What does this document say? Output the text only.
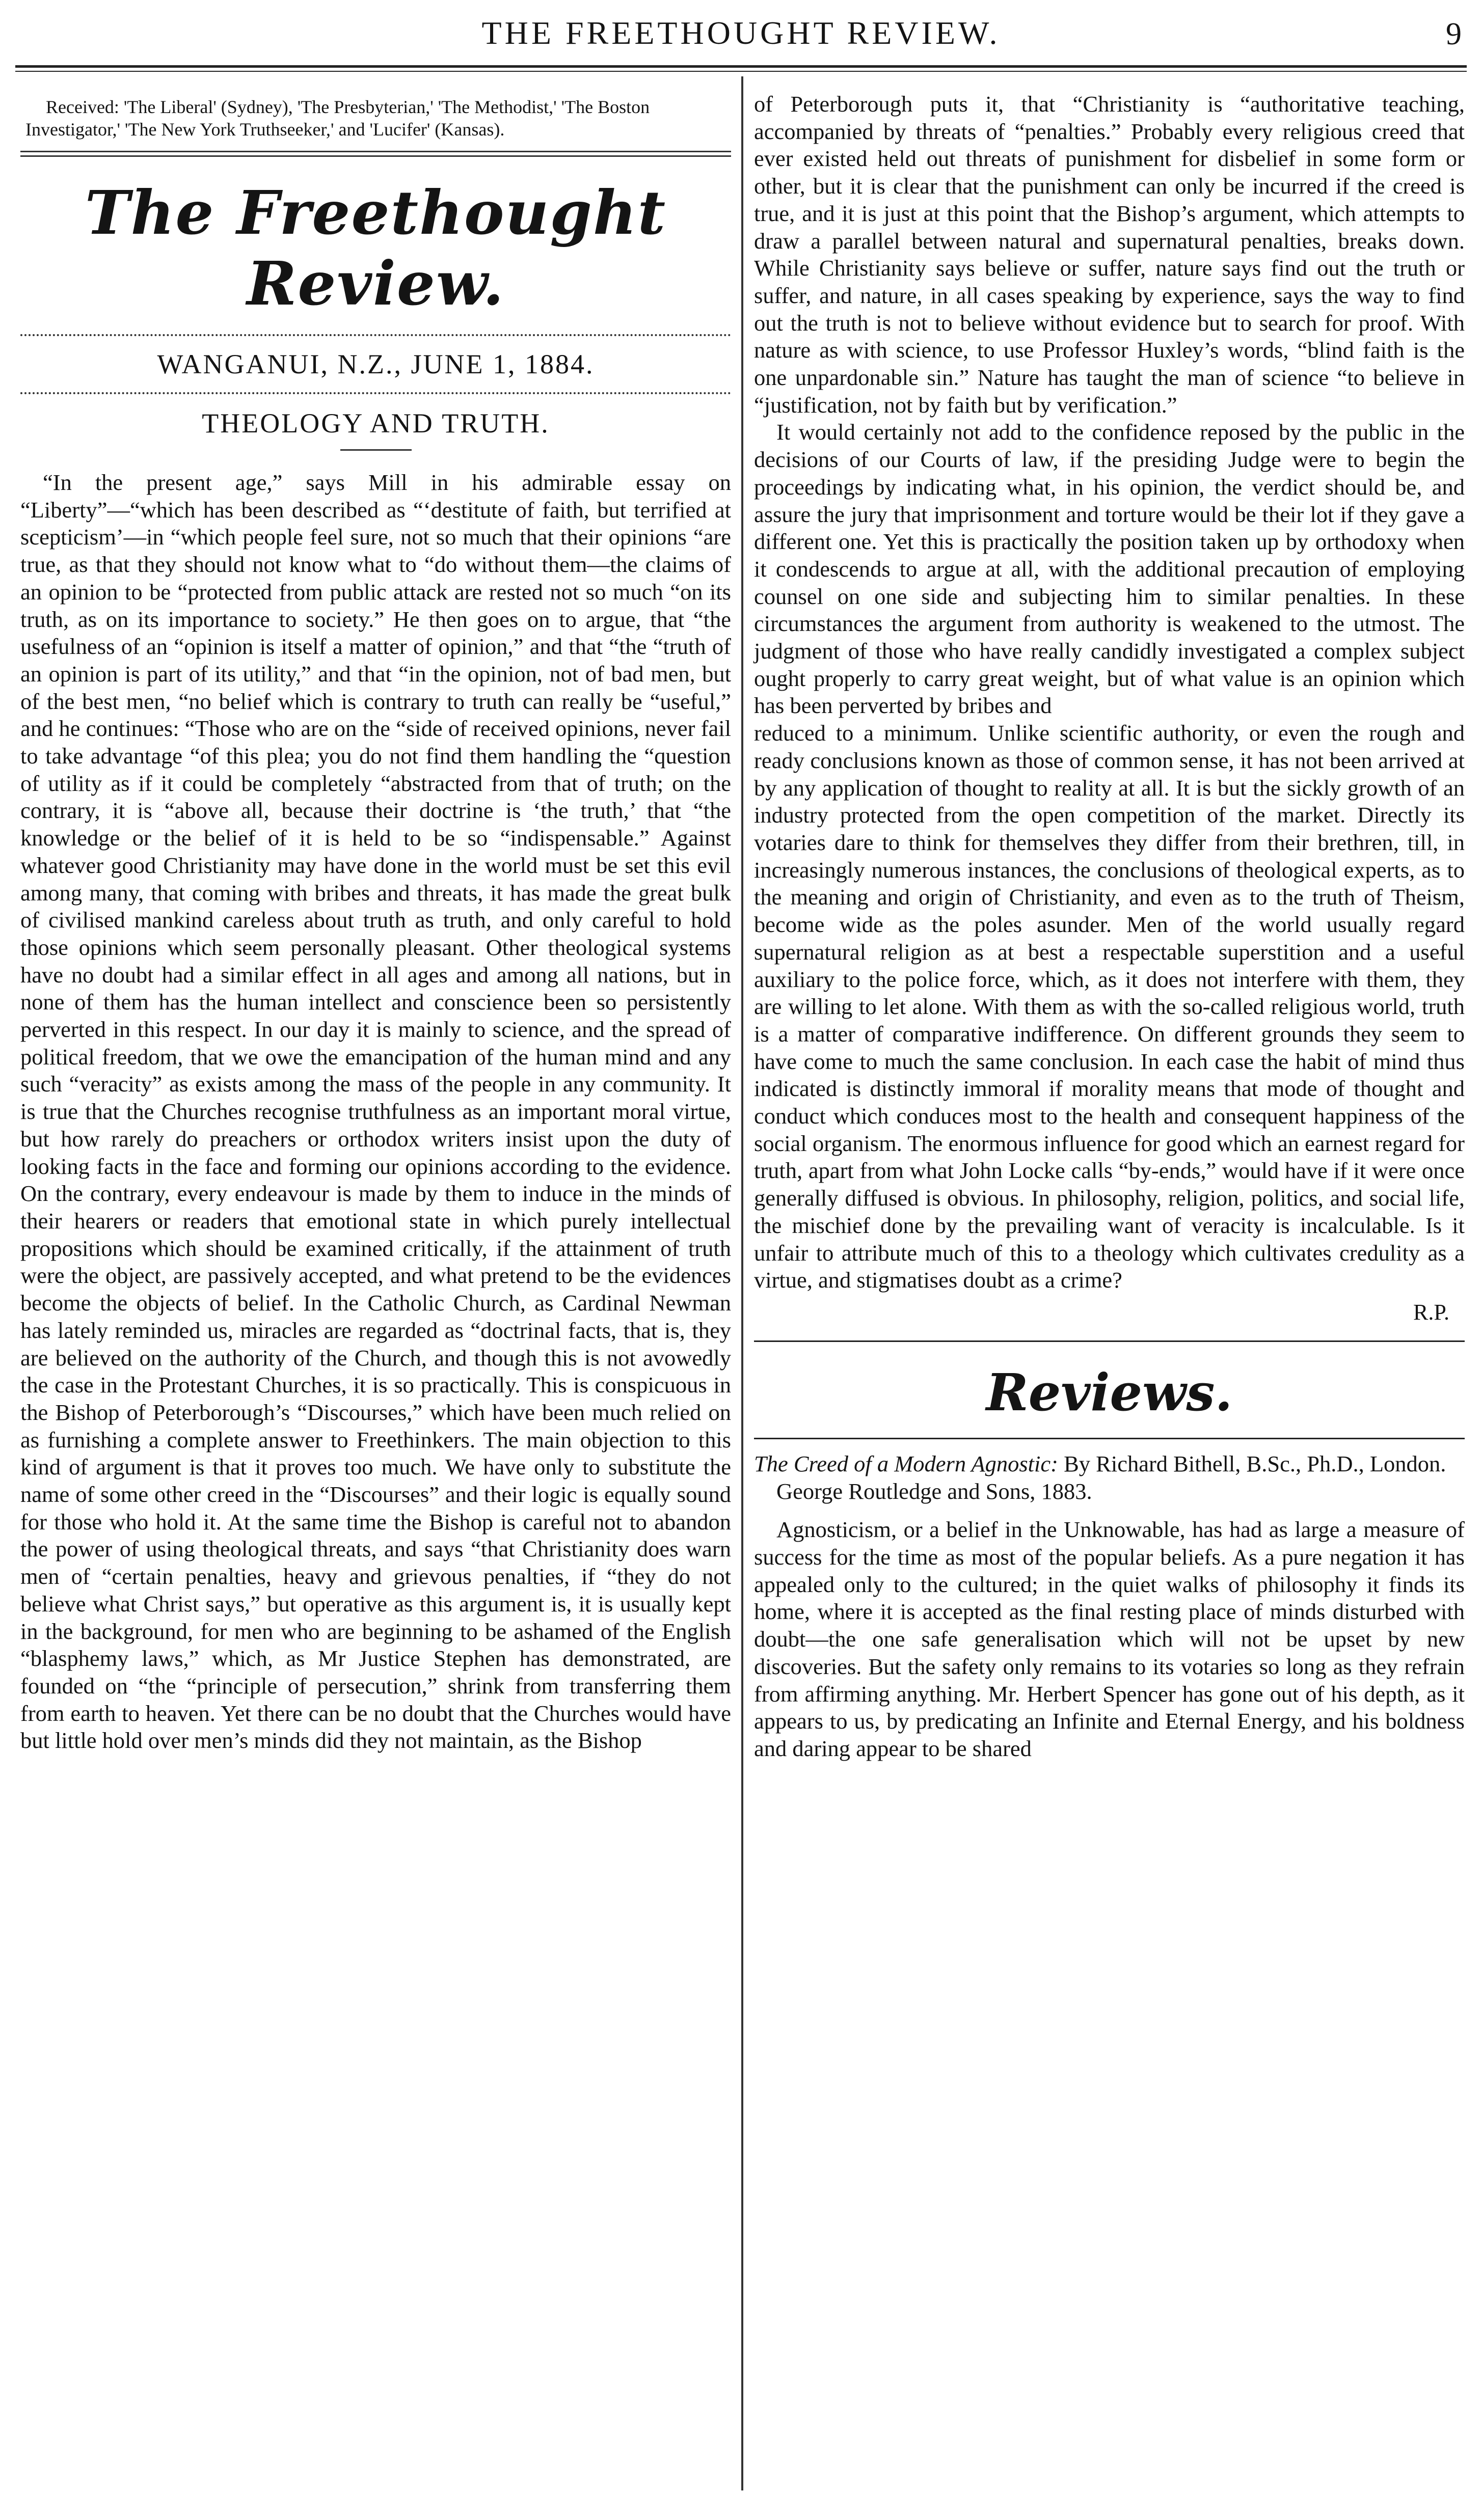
THE FREETHOUGHT REVIEW.	9
Received: 'The Liberal' (Sydney), 'The Presbyterian,' 'The Methodist,' 'The Boston Investigator,' 'The New York Truthseeker,' and 'Lucifer' (Kansas).
The Freethought Review.
WANGANUI, N.Z., JUNE 1, 1884.
THEOLOGY AND TRUTH.

“In the present age,” says Mill in his admirable essay on “Liberty”—“which has been described as “‘destitute of faith, but terrified at scepticism’—in “which people feel sure, not so much that their opinions “are true, as that they should not know what to “do without them—the claims of an opinion to be “protected from public attack are rested not so much “on its truth, as on its importance to society.” He then goes on to argue, that “the usefulness of an “opinion is itself a matter of opinion,” and that “the “truth of an opinion is part of its utility,” and that “in the opinion, not of bad men, but of the best men, “no belief which is contrary to truth can really be “useful,” and he continues: “Those who are on the “side of received opinions, never fail to take advantage “of this plea; you do not find them handling the “question of utility as if it could be completely “abstracted from that of truth; on the contrary, it is “above all, because their doctrine is ‘the truth,’ that “the knowledge or the belief of it is held to be so “indispensable.” Against whatever good Christianity may have done in the world must be set this evil among many, that coming with bribes and threats, it has made the great bulk of civilised mankind careless about truth as truth, and only careful to hold those opinions which seem personally pleasant. Other theological systems have no doubt had a similar effect in all ages and among all nations, but in none of them has the human intellect and conscience been so persistently perverted in this respect. In our day it is mainly to science, and the spread of political freedom, that we owe the emancipation of the human mind and any such “veracity” as exists among the mass of the people in any community. It is true that the Churches recognise truthfulness as an important moral virtue, but how rarely do preachers or orthodox writers insist upon the duty of looking facts in the face and forming our opinions according to the evidence. On the contrary, every endeavour is made by them to induce in the minds of their hearers or readers that emotional state in which purely intellectual propositions which should be examined critically, if the attainment of truth were the object, are passively accepted, and what pretend to be the evidences become the objects of belief. In the Catholic Church, as Cardinal Newman has lately reminded us, miracles are regarded as “doctrinal facts, that is, they are believed on the authority of the Church, and though this is not avowedly the case in the Protestant Churches, it is so practically. This is conspicuous in the Bishop of Peterborough’s “Discourses,” which have been much relied on as furnishing a complete answer to Freethinkers. The main objection to this kind of argument is that it proves too much. We have only to substitute the name of some other creed in the “Discourses” and their logic is equally sound for those who hold it. At the same time the Bishop is careful not to abandon the power of using theological threats, and says “that Christianity does warn men of “certain penalties, heavy and grievous penalties, if “they do not believe what Christ says,” but operative as this argument is, it is usually kept in the background, for men who are beginning to be ashamed of the English “blasphemy laws,” which, as Mr Justice Stephen has demonstrated, are founded on “the “principle of persecution,” shrink from transferring them from earth to heaven. Yet there can be no doubt that the Churches would have but little hold over men’s minds did they not maintain, as the Bishop

of Peterborough puts it, that “Christianity is “authoritative teaching, accompanied by threats of “penalties.” Probably every religious creed that ever existed held out threats of punishment for disbelief in some form or other, but it is clear that the punishment can only be incurred if the creed is true, and it is just at this point that the Bishop’s argument, which attempts to draw a parallel between natural and supernatural penalties, breaks down. While Christianity says believe or suffer, nature says find out the truth or suffer, and nature, in all cases speaking by experience, says the way to find out the truth is not to believe without evidence but to search for proof. With nature as with science, to use Professor Huxley’s words, “blind faith is the one unpardonable sin.” Nature has taught the man of science “to believe in “justification, not by faith but by verification.”

It would certainly not add to the confidence reposed by the public in the decisions of our Courts of law, if the presiding Judge were to begin the proceedings by indicating what, in his opinion, the verdict should be, and assure the jury that imprisonment and torture would be their lot if they gave a different one. Yet this is practically the position taken up by orthodoxy when it condescends to argue at all, with the additional precaution of employing counsel on one side and subjecting him to similar penalties. In these circumstances the argument from authority is weakened to the utmost. The judgment of those who have really candidly investigated a complex subject ought properly to carry great weight, but of what value is an opinion which has been perverted by bribes and

reduced to a minimum. Unlike scientific authority, or even the rough and ready conclusions known as those of common sense, it has not been arrived at by any application of thought to reality at all. It is but the sickly growth of an industry protected from the open competition of the market. Directly its votaries dare to think for themselves they differ from their brethren, till, in increasingly numerous instances, the conclusions of theological experts, as to the meaning and origin of Christianity, and even as to the truth of Theism, become wide as the poles asunder. Men of the world usually regard supernatural religion as at best a respectable superstition and a useful auxiliary to the police force, which, as it does not interfere with them, they are willing to let alone. With them as with the so-called religious world, truth is a matter of comparative indifference. On different grounds they seem to have come to much the same conclusion. In each case the habit of mind thus indicated is distinctly immoral if morality means that mode of thought and conduct which conduces most to the health and consequent happiness of the social organism. The enormous influence for good which an earnest regard for truth, apart from what John Locke calls “by-ends,” would have if it were once generally diffused is obvious. In philosophy, religion, politics, and social life, the mischief done by the prevailing want of veracity is incalculable. Is it unfair to attribute much of this to a theology which cultivates credulity as a virtue, and stigmatises doubt as a crime?

R.P.
Reviews.
The Creed of a Modern Agnostic: By Richard Bithell, B.Sc., Ph.D., London. George Routledge and Sons, 1883.

Agnosticism, or a belief in the Unknowable, has had as large a measure of success for the time as most of the popular beliefs. As a pure negation it has appealed only to the cultured; in the quiet walks of philosophy it finds its home, where it is accepted as the final resting place of minds disturbed with doubt—the one safe generalisation which will not be upset by new discoveries. But the safety only remains to its votaries so long as they refrain from affirming anything. Mr. Herbert Spencer has gone out of his depth, as it appears to us, by predicating an Infinite and Eternal Energy, and his boldness and daring appear to be shared
